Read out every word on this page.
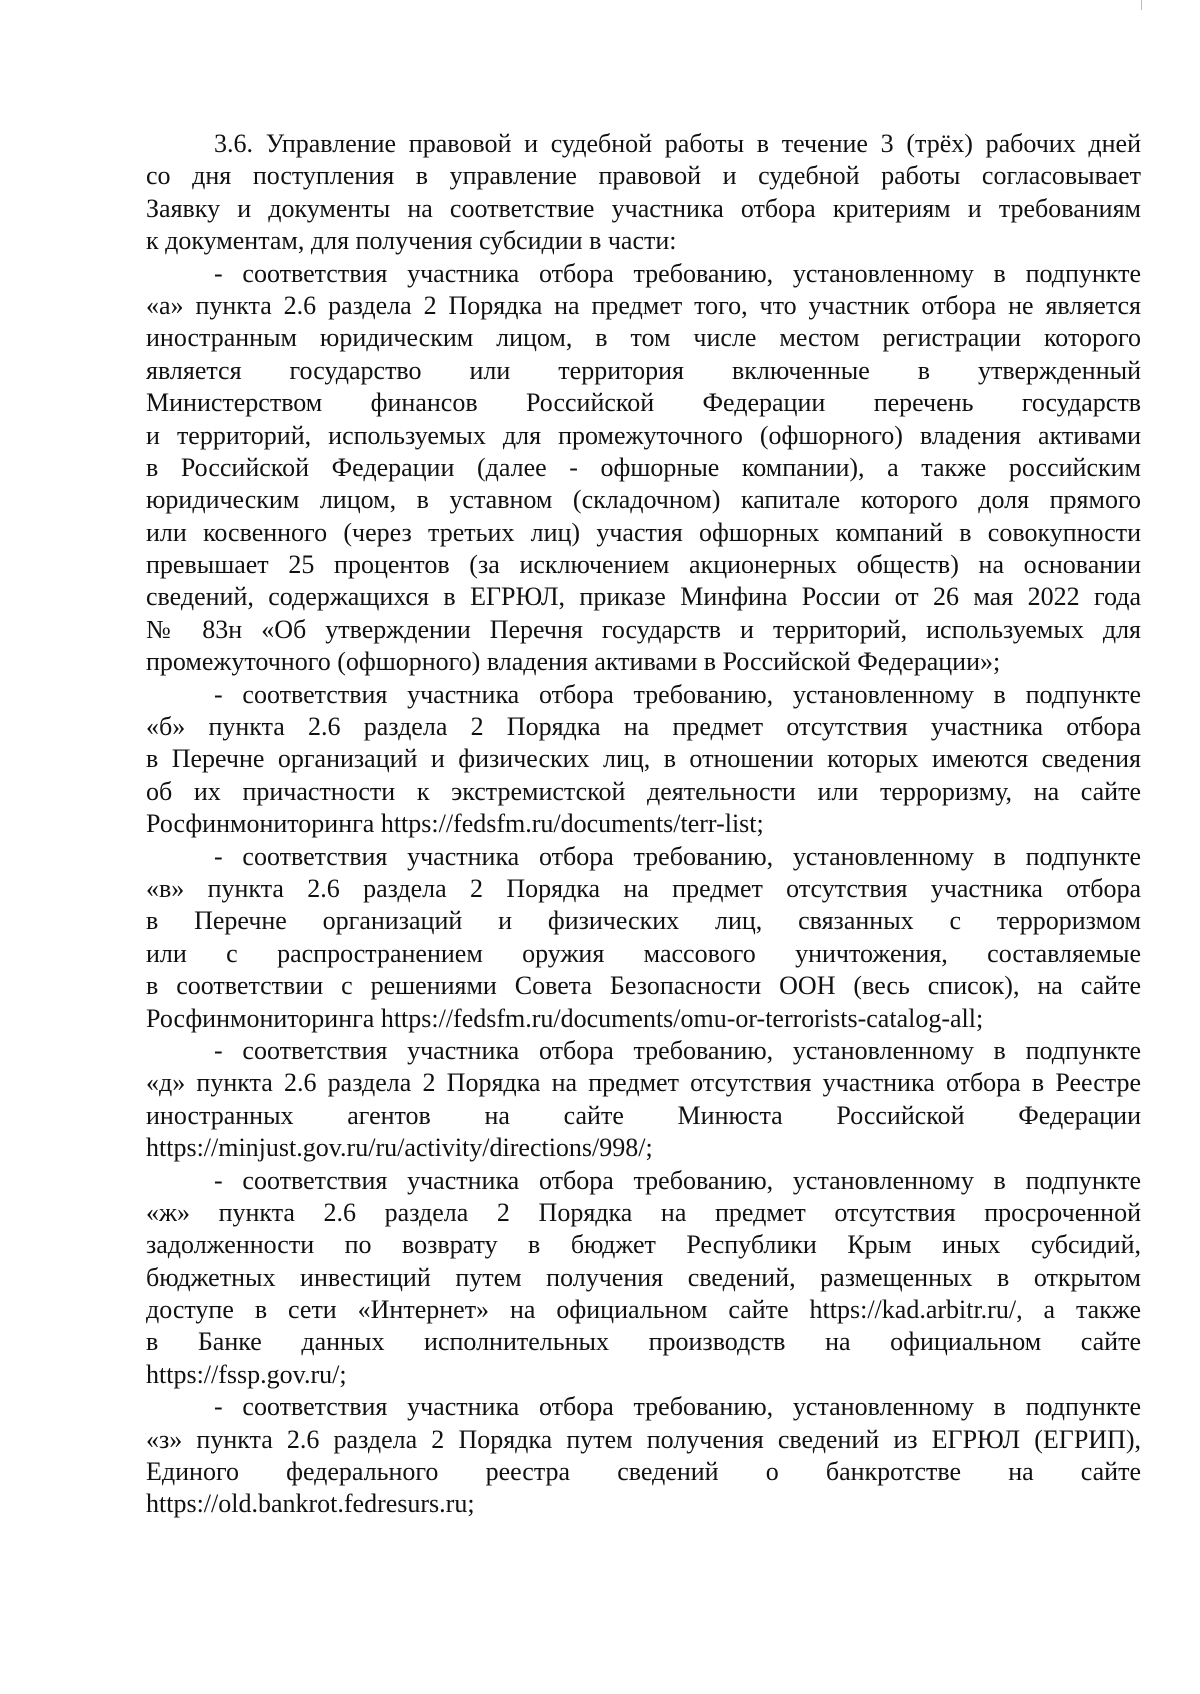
3.6. Управление правовой и судебной работы в течение 3 (трёх) рабочих дней
со дня поступления в управление правовой и судебной работы согласовывает
Заявку и документы на соответствие участника отбора критериям и требованиям
к документам, для получения субсидии в части:
- соответствия участника отбора требованию, установленному в подпункте
«а» пункта 2.6 раздела 2 Порядка на предмет того, что участник отбора не является
иностранным юридическим лицом, в том числе местом регистрации которого
является государство или территория включенные в утвержденный
Министерством финансов Российской Федерации перечень государств
и территорий, используемых для промежуточного (офшорного) владения активами
в Российской Федерации (далее - офшорные компании), а также российским
юридическим лицом, в уставном (складочном) капитале которого доля прямого
или косвенного (через третьих лиц) участия офшорных компаний в совокупности
превышает 25 процентов (за исключением акционерных обществ) на основании
сведений, содержащихся в ЕГРЮЛ, приказе Минфина России от 26 мая 2022 года
№ 83н «Об утверждении Перечня государств и территорий, используемых для
промежуточного (офшорного) владения активами в Российской Федерации»;
- соответствия участника отбора требованию, установленному в подпункте
«б» пункта 2.6 раздела 2 Порядка на предмет отсутствия участника отбора
в Перечне организаций и физических лиц, в отношении которых имеются сведения
об их причастности к экстремистской деятельности или терроризму, на сайте
Росфинмониторинга https://fedsfm.ru/documents/terr-list;
- соответствия участника отбора требованию, установленному в подпункте
«в» пункта 2.6 раздела 2 Порядка на предмет отсутствия участника отбора
в Перечне организаций и физических лиц, связанных с терроризмом
или с распространением оружия массового уничтожения, составляемые
в соответствии с решениями Совета Безопасности ООН (весь список), на сайте
Росфинмониторинга https://fedsfm.ru/documents/omu-or-terrorists-catalog-all;
- соответствия участника отбора требованию, установленному в подпункте
«д» пункта 2.6 раздела 2 Порядка на предмет отсутствия участника отбора в Реестре
иностранных агентов на сайте Минюста Российской Федерации
https://minjust.gov.ru/ru/activity/directions/998/;
- соответствия участника отбора требованию, установленному в подпункте
«ж» пункта 2.6 раздела 2 Порядка на предмет отсутствия просроченной
задолженности по возврату в бюджет Республики Крым иных субсидий,
бюджетных инвестиций путем получения сведений, размещенных в открытом
доступе в сети «Интернет» на официальном сайте https://kad.arbitr.ru/, а также
в Банке данных исполнительных производств на официальном сайте
https://fssp.gov.ru/;
- соответствия участника отбора требованию, установленному в подпункте
«з» пункта 2.6 раздела 2 Порядка путем получения сведений из ЕГРЮЛ (ЕГРИП),
Единого федерального реестра сведений о банкротстве на сайте
https://old.bankrot.fedresurs.ru;
